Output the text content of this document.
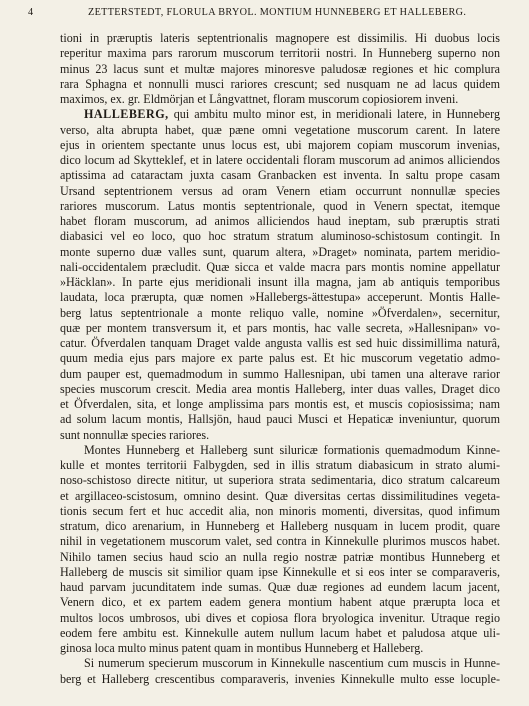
4	ZETTERSTEDT, FLORULA BRYOL. MONTIUM HUNNEBERG ET HALLEBERG.
tioni in præruptis lateris septentrionalis magnopere est dissimilis. Hi duobus locis
reperitur maxima pars rarorum muscorum territorii nostri. In Hunneberg superno non
minus 23 lacus sunt et multæ majores minoresve paludosæ regiones et hic complura
rara Sphagna et nonnulli musci rariores crescunt; sed nusquam ne ad lacus quidem
maximos, ex. gr. Eldmörjan et Långvattnet, floram muscorum copiosiorem inveni.
HALLEBERG, qui ambitu multo minor est, in meridionali latere, in Hunneberg
verso, alta abrupta habet, quæ pæne omni vegetatione muscorum carent. In latere
ejus in orientem spectante unus locus est, ubi majorem copiam muscorum invenias,
dico locum ad Skytteklef, et in latere occidentali floram muscorum ad animos alliciendos
aptissima ad cataractam juxta casam Granbacken est inventa. In saltu prope casam
Ursand septentrionem versus ad oram Venern etiam occurrunt nonnullæ species
rariores muscorum. Latus montis septentrionale, quod in Venern spectat, itemque
habet floram muscorum, ad animos alliciendos haud ineptam, sub præruptis strati
diabasici vel eo loco, quo hoc stratum stratum aluminoso-schistosum contingit. In
monte superno duæ valles sunt, quarum altera, »Draget» nominata, partem meridio-
nali-occidentalem præcludit. Quæ sicca et valde macra pars montis nomine appellatur
»Häcklan». In parte ejus meridionali insunt illa magna, jam ab antiquis temporibus
laudata, loca prærupta, quæ nomen »Hallebergs-ättestupa» acceperunt. Montis Halle-
berg latus septentrionale a monte reliquo valle, nomine »Öfverdalen», secernitur,
quæ per montem transversum it, et pars montis, hac valle secreta, »Hallesnipan» vo-
catur. Öfverdalen tanquam Draget valde angusta vallis est sed huic dissimillima naturâ,
quum media ejus pars majore ex parte palus est. Et hic muscorum vegetatio admo-
dum pauper est, quemadmodum in summo Hallesnipan, ubi tamen una alterave rarior
species muscorum crescit. Media area montis Halleberg, inter duas valles, Draget dico
et Öfverdalen, sita, et longe amplissima pars montis est, et muscis copiosissima; nam
ad solum lacum montis, Hallsjön, haud pauci Musci et Hepaticæ inveniuntur, quorum
sunt nonnullæ species rariores.
Montes Hunneberg et Halleberg sunt siluricæ formationis quemadmodum Kinne-
kulle et montes territorii Falbygden, sed in illis stratum diabasicum in strato alumi-
noso-schistoso directe nititur, ut superiora strata sedimentaria, dico stratum calcareum
et argillaceo-scistosum, omnino desint. Quæ diversitas certas dissimilitudines vegeta-
tionis secum fert et huc accedit alia, non minoris momenti, diversitas, quod infimum
stratum, dico arenarium, in Hunneberg et Halleberg nusquam in lucem prodit, quare
nihil in vegetationem muscorum valet, sed contra in Kinnekulle plurimos muscos habet.
Nihilo tamen secius haud scio an nulla regio nostræ patriæ montibus Hunneberg et
Halleberg de muscis sit similior quam ipse Kinnekulle et si eos inter se comparaveris,
haud parvam jucunditatem inde sumas. Quæ duæ regiones ad eundem lacum jacent,
Venern dico, et ex partem eadem genera montium habent atque prærupta loca et
multos locos umbrosos, ubi dives et copiosa flora bryologica invenitur. Utraque regio
eodem fere ambitu est. Kinnekulle autem nullum lacum habet et paludosa atque uli-
ginosa loca multo minus patent quam in montibus Hunneberg et Halleberg.
Si numerum specierum muscorum in Kinnekulle nascentium cum muscis in Hunne-
berg et Halleberg crescentibus comparaveris, invenies Kinnekulle multo esse locuple-
